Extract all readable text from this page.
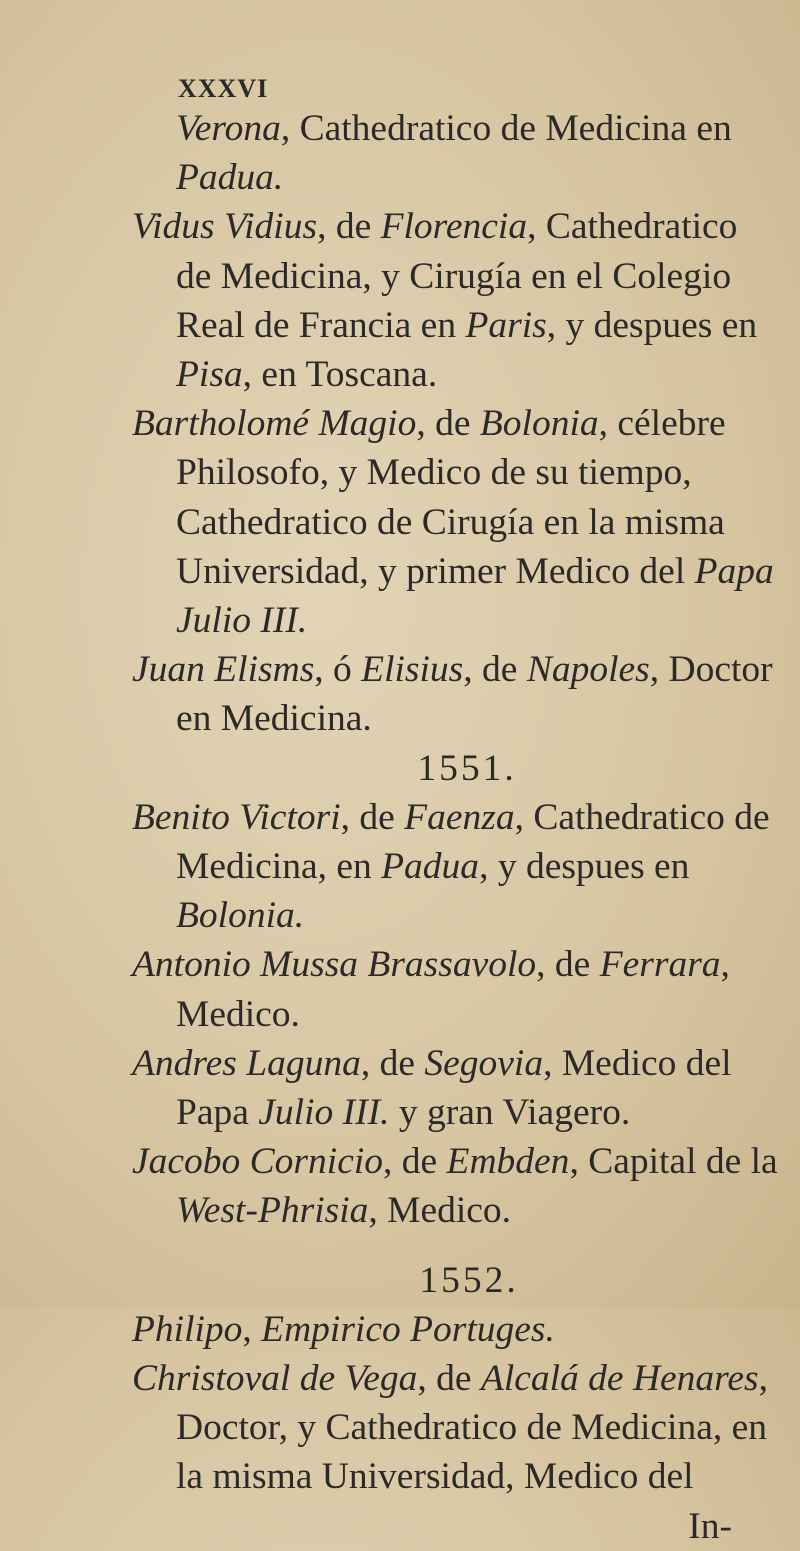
XXXVI

Verona, Cathedratico de Medicina en
Padua.

Vidus Vidius, de Florencia, Cathedratico de Medicina, y Cirugía en el Colegio Real de Francia en Paris, y despues en Pisa, en Toscana.

Bartholomé Magio, de Bolonia, célebre Philosofo, y Medico de su tiempo, Cathedratico de Cirugía en la misma Universidad, y primer Medico del Papa Julio III.

Juan Elisms, ó Elisius, de Napoles, Doctor en Medicina.

1551.

Benito Victori, de Faenza, Cathedratico de Medicina, en Padua, y despues en Bolonia.

Antonio Mussa Brassavolo, de Ferrara, Medico.

Andres Laguna, de Segovia, Medico del Papa Julio III. y gran Viagero.

Jacobo Cornicio, de Embden, Capital de la West-Phrisia, Medico.

1552.

Philipo, Empirico Portuges.

Christoval de Vega, de Alcalá de Henares, Doctor, y Cathedratico de Medicina, en la misma Universidad, Medico del

In-
